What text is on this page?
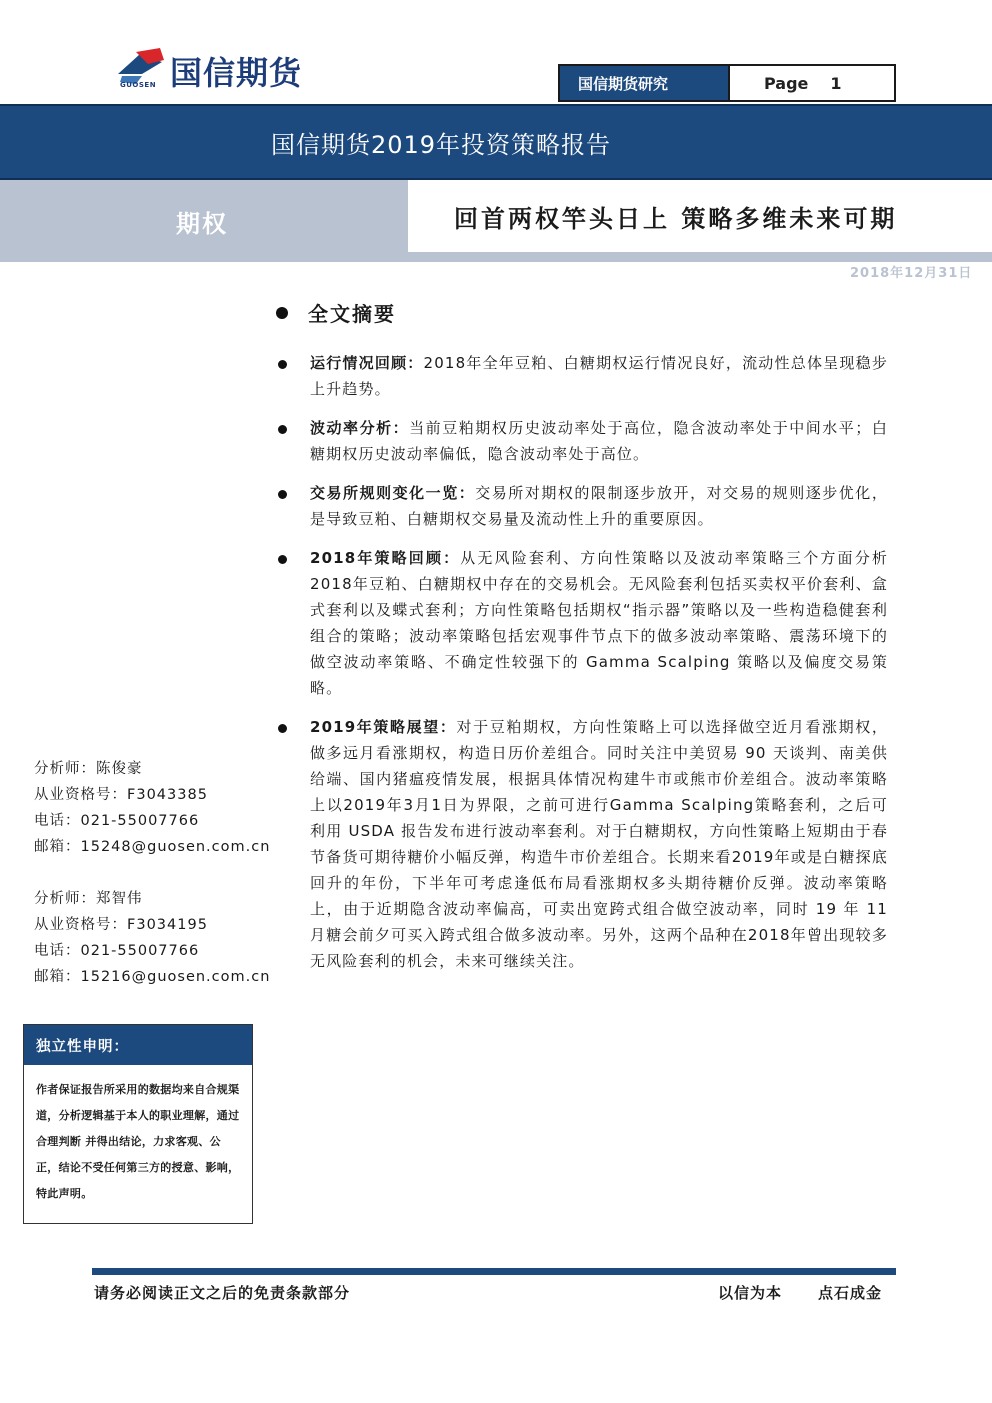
GUOSEN 国信期货	国信期货研究	Page 1
国信期货2019年投资策略报告
期权	回首两权竿头日上 策略多维未来可期
2018年12月31日
全文摘要
运行情况回顾：2018年全年豆粕、白糖期权运行情况良好，流动性总体呈现稳步上升趋势。
波动率分析：当前豆粕期权历史波动率处于高位，隐含波动率处于中间水平；白糖期权历史波动率偏低，隐含波动率处于高位。
交易所规则变化一览：交易所对期权的限制逐步放开，对交易的规则逐步优化，是导致豆粕、白糖期权交易量及流动性上升的重要原因。
2018年策略回顾：从无风险套利、方向性策略以及波动率策略三个方面分析2018年豆粕、白糖期权中存在的交易机会。无风险套利包括买卖权平价套利、盒式套利以及蝶式套利；方向性策略包括期权“指示器”策略以及一些构造稳健套利组合的策略；波动率策略包括宏观事件节点下的做多波动率策略、震荡环境下的做空波动率策略、不确定性较强下的 Gamma Scalping 策略以及偏度交易策略。
2019年策略展望：对于豆粕期权，方向性策略上可以选择做空近月看涨期权，做多远月看涨期权，构造日历价差组合。同时关注中美贸易 90 天谈判、南美供给端、国内猪瘟疫情发展，根据具体情况构建牛市或熊市价差组合。波动率策略上以2019年3月1日为界限，之前可进行Gamma Scalping策略套利，之后可利用 USDA 报告发布进行波动率套利。对于白糖期权，方向性策略上短期由于春节备货可期待糖价小幅反弹，构造牛市价差组合。长期来看2019年或是白糖探底回升的年份，下半年可考虑逢低布局看涨期权多头期待糖价反弹。波动率策略上，由于近期隐含波动率偏高，可卖出宽跨式组合做空波动率，同时 19 年 11 月糖会前夕可买入跨式组合做多波动率。另外，这两个品种在2018年曾出现较多无风险套利的机会，未来可继续关注。
分析师：陈俊豪
从业资格号：F3043385
电话：021-55007766
邮箱：15248@guosen.com.cn
分析师：郑智伟
从业资格号：F3034195
电话：021-55007766
邮箱：15216@guosen.com.cn
独立性申明：
作者保证报告所采用的数据均来自合规渠道，分析逻辑基于本人的职业理解，通过合理判断 并得出结论，力求客观、公正，结论不受任何第三方的授意、影响，特此声明。
请务必阅读正文之后的免责条款部分	以信为本 点石成金
